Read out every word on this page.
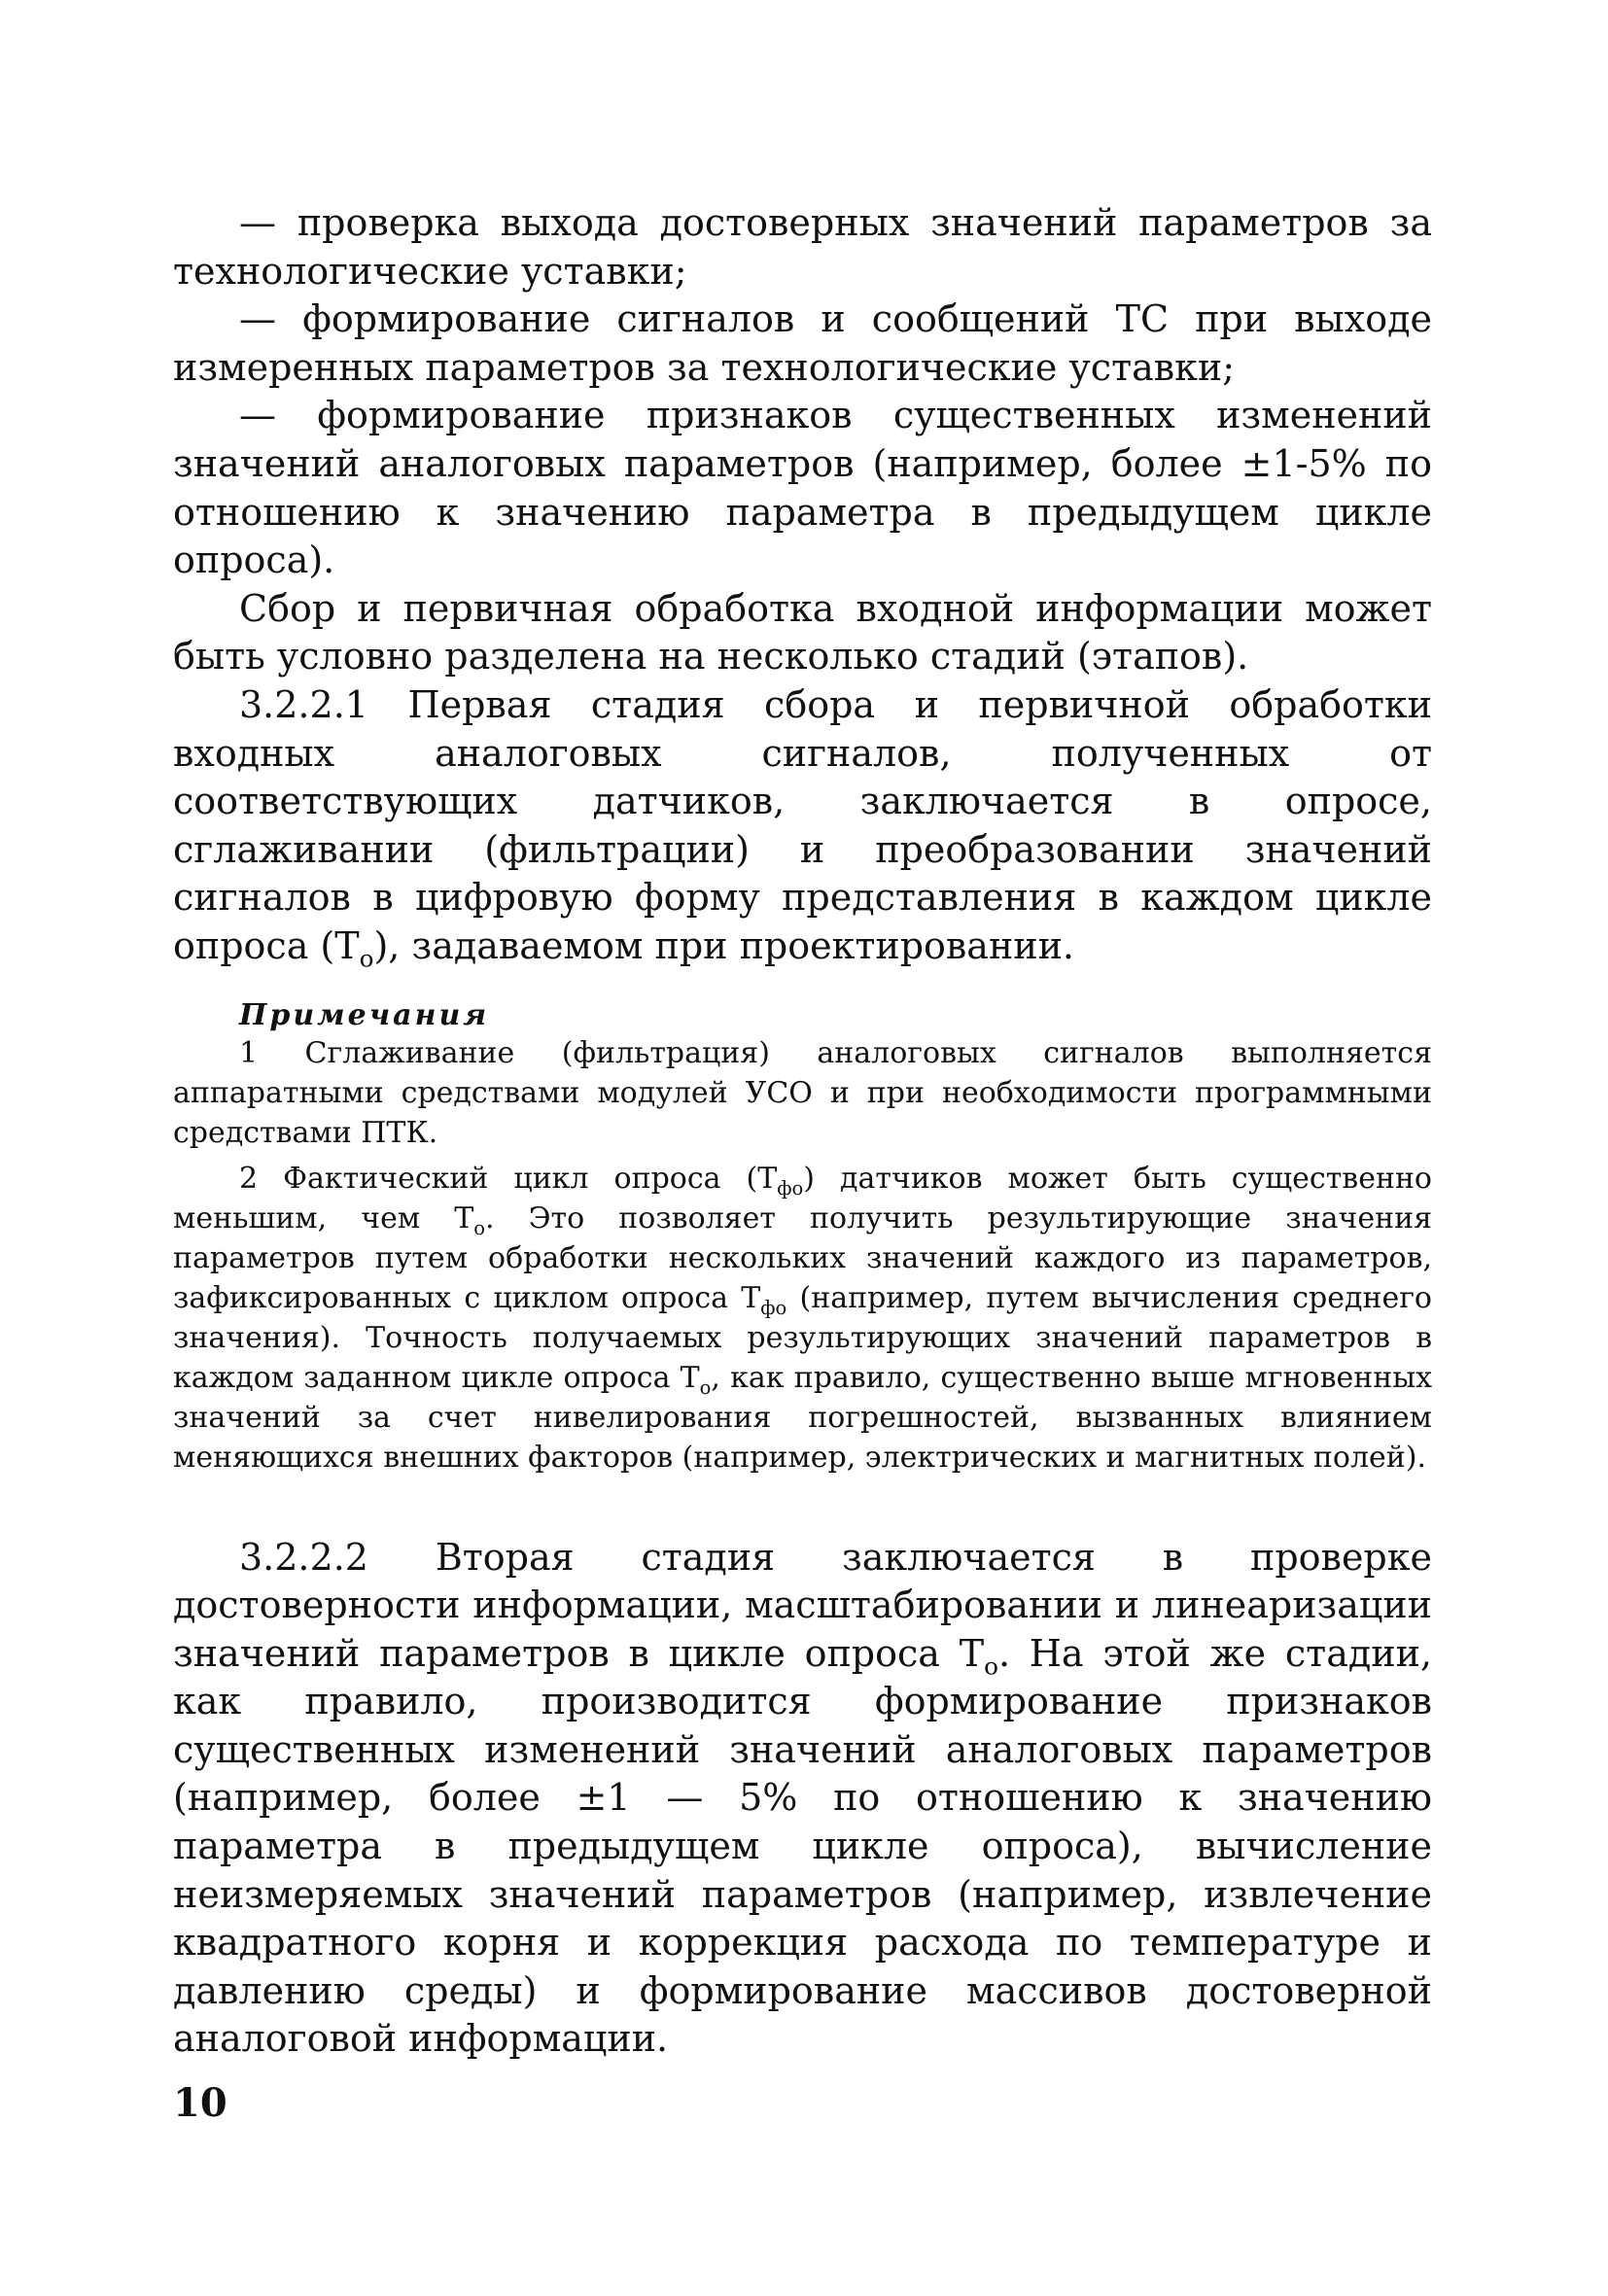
— проверка выхода достоверных значений параметров за технологические уставки;

— формирование сигналов и сообщений ТС при выходе измеренных параметров за технологические уставки;

— формирование признаков существенных изменений значений аналоговых параметров (например, более ±1-5% по отношению к значению параметра в предыдущем цикле опроса).

Сбор и первичная обработка входной информации может быть условно разделена на несколько стадий (этапов).

3.2.2.1 Первая стадия сбора и первичной обработки входных аналоговых сигналов, полученных от соответствующих датчиков, заключается в опросе, сглаживании (фильтрации) и преобразовании значений сигналов в цифровую форму представления в каждом цикле опроса $(Т_о)$, задаваемом при проектировании.

Примечания

1 Сглаживание (фильтрация) аналоговых сигналов выполняется аппаратными средствами модулей УСО и при необходимости программными средствами ПТК.

2 Фактический цикл опроса $(Т_{фо})$ датчиков может быть существенно меньшим, чем $Т_о$. Это позволяет получить результирующие значения параметров путем обработки нескольких значений каждого из параметров, зафиксированных с циклом опроса $Т_{фо}$ (например, путем вычисления среднего значения). Точность получаемых результирующих значений параметров в каждом заданном цикле опроса $Т_о$, как правило, существенно выше мгновенных значений за счет нивелирования погрешностей, вызванных влиянием меняющихся внешних факторов (например, электрических и магнитных полей).

3.2.2.2 Вторая стадия заключается в проверке достоверности информации, масштабировании и линеаризации значений параметров в цикле опроса $Т_о$. На этой же стадии, как правило, производится формирование признаков существенных изменений значений аналоговых параметров (например, более ±1 — 5% по отношению к значению параметра в предыдущем цикле опроса), вычисление неизмеряемых значений параметров (например, извлечение квадратного корня и коррекция расхода по температуре и давлению среды) и формирование массивов достоверной аналоговой информации.

10
